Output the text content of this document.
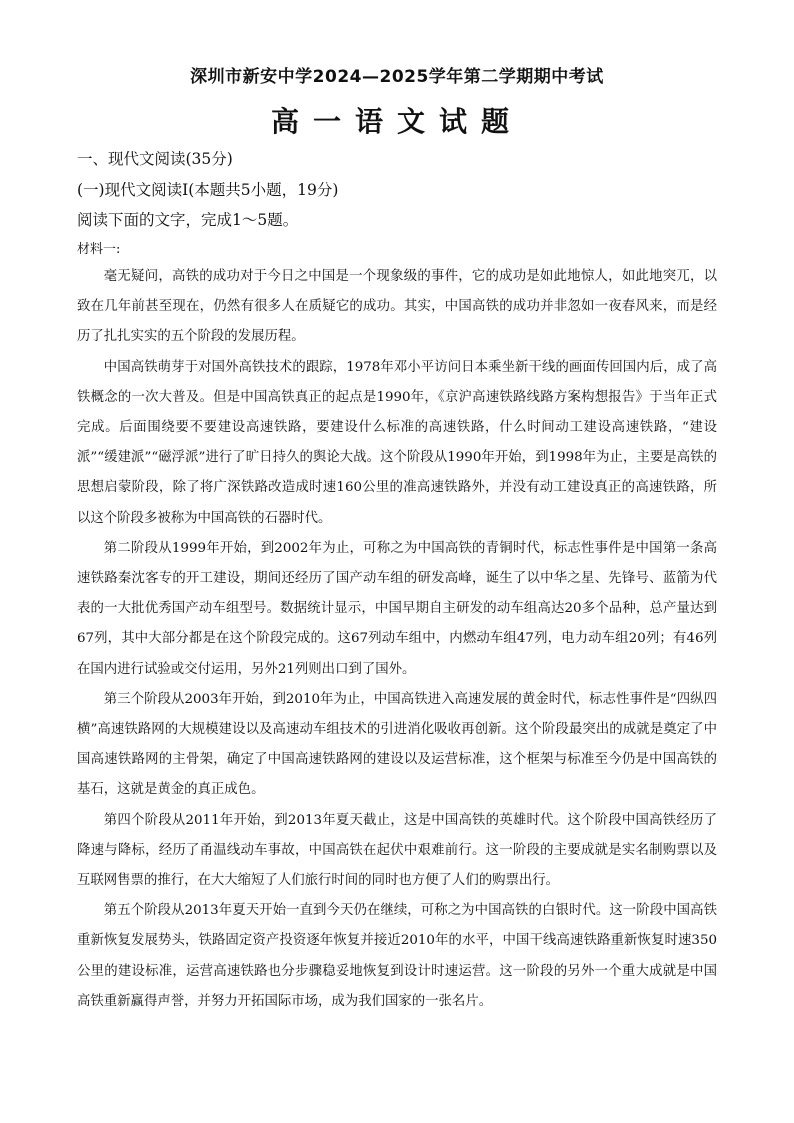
深圳市新安中学2024—2025学年第二学期期中考试
高一语文试题
一、现代文阅读(35分)
(一)现代文阅读Ⅰ(本题共5小题，19分)
阅读下面的文字，完成1～5题。
材料一:

毫无疑问，高铁的成功对于今日之中国是一个现象级的事件，它的成功是如此地惊人，如此地突兀，以致在几年前甚至现在，仍然有很多人在质疑它的成功。其实，中国高铁的成功并非忽如一夜春风来，而是经历了扎扎实实的五个阶段的发展历程。

中国高铁萌芽于对国外高铁技术的跟踪，1978年邓小平访问日本乘坐新干线的画面传回国内后，成了高铁概念的一次大普及。但是中国高铁真正的起点是1990年，《京沪高速铁路线路方案构想报告》于当年正式完成。后面围绕要不要建设高速铁路，要建设什么标准的高速铁路，什么时间动工建设高速铁路，“建设派”“缓建派”“磁浮派”进行了旷日持久的舆论大战。这个阶段从1990年开始，到1998年为止，主要是高铁的思想启蒙阶段，除了将广深铁路改造成时速160公里的准高速铁路外，并没有动工建设真正的高速铁路，所以这个阶段多被称为中国高铁的石器时代。

第二阶段从1999年开始，到2002年为止，可称之为中国高铁的青铜时代，标志性事件是中国第一条高速铁路秦沈客专的开工建设，期间还经历了国产动车组的研发高峰，诞生了以中华之星、先锋号、蓝箭为代表的一大批优秀国产动车组型号。数据统计显示，中国早期自主研发的动车组高达20多个品种，总产量达到67列，其中大部分都是在这个阶段完成的。这67列动车组中，内燃动车组47列，电力动车组20列；有46列在国内进行试验或交付运用，另外21列则出口到了国外。

第三个阶段从2003年开始，到2010年为止，中国高铁进入高速发展的黄金时代，标志性事件是“四纵四横”高速铁路网的大规模建设以及高速动车组技术的引进消化吸收再创新。这个阶段最突出的成就是奠定了中国高速铁路网的主骨架，确定了中国高速铁路网的建设以及运营标准，这个框架与标准至今仍是中国高铁的基石，这就是黄金的真正成色。

第四个阶段从2011年开始，到2013年夏天截止，这是中国高铁的英雄时代。这个阶段中国高铁经历了降速与降标，经历了甬温线动车事故，中国高铁在起伏中艰难前行。这一阶段的主要成就是实名制购票以及互联网售票的推行，在大大缩短了人们旅行时间的同时也方便了人们的购票出行。

第五个阶段从2013年夏天开始一直到今天仍在继续，可称之为中国高铁的白银时代。这一阶段中国高铁重新恢复发展势头，铁路固定资产投资逐年恢复并接近2010年的水平，中国干线高速铁路重新恢复时速350公里的建设标准，运营高速铁路也分步骤稳妥地恢复到设计时速运营。这一阶段的另外一个重大成就是中国高铁重新赢得声誉，并努力开拓国际市场，成为我们国家的一张名片。
